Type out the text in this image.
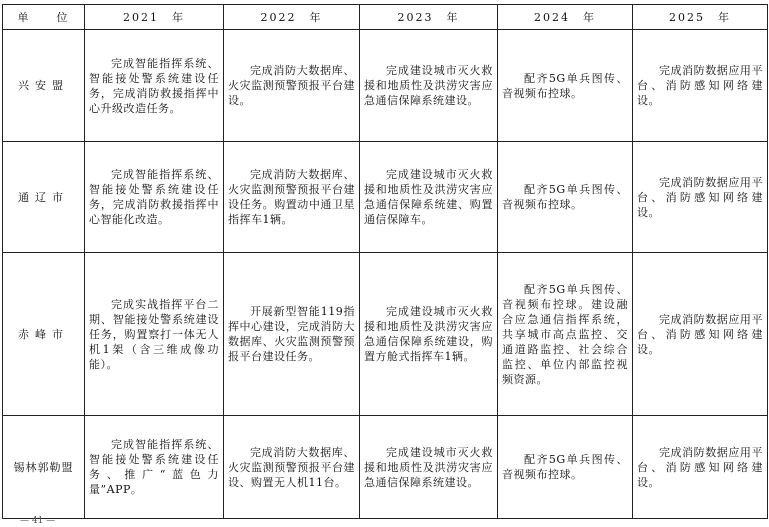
单　　位	2021　年	2022　年	2023　年	2024　年	2025　年
兴安盟	完成智能指挥系统、智能接处警系统建设任务，完成消防救援指挥中心升级改造任务。	完成消防大数据库、火灾监测预警预报平台建设。	完成建设城市灭火救援和地质性及洪涝灾害应急通信保障系统建设。	配齐5G单兵图传、音视频布控球。	完成消防数据应用平台、消防感知网络建设。
通辽市	完成智能指挥系统、智能接处警系统建设任务，完成消防救援指挥中心智能化改造。	完成消防大数据库、火灾监测预警预报平台建设任务。购置动中通卫星指挥车1辆。	完成建设城市灭火救援和地质性及洪涝灾害应急通信保障系统建、购置通信保障车。	配齐5G单兵图传、音视频布控球。	完成消防数据应用平台、消防感知网络建设。
赤峰市	完成实战指挥平台二期、智能接处警系统建设任务，购置察打一体无人机1架（含三维成像功能）。	开展新型智能119指挥中心建设，完成消防大数据库、火灾监测预警预报平台建设任务。	完成建设城市灭火救援和地质性及洪涝灾害应急通信保障系统建设，购置方舱式指挥车1辆。	配齐5G单兵图传、音视频布控球。建设融合应急通信指挥系统，共享城市高点监控、交通道路监控、社会综合监控、单位内部监控视频资源。	完成消防数据应用平台、消防感知网络建设。
锡林郭勒盟	完成智能指挥系统、智能接处警系统建设任务、推广“蓝色力量”APP。	完成消防大数据库、火灾监测预警预报平台建设、购置无人机11台。	完成建设城市灭火救援和地质性及洪涝灾害应急通信保障系统建设。	配齐5G单兵图传、音视频布控球。	完成消防数据应用平台、消防感知网络建设。
— 41 —
